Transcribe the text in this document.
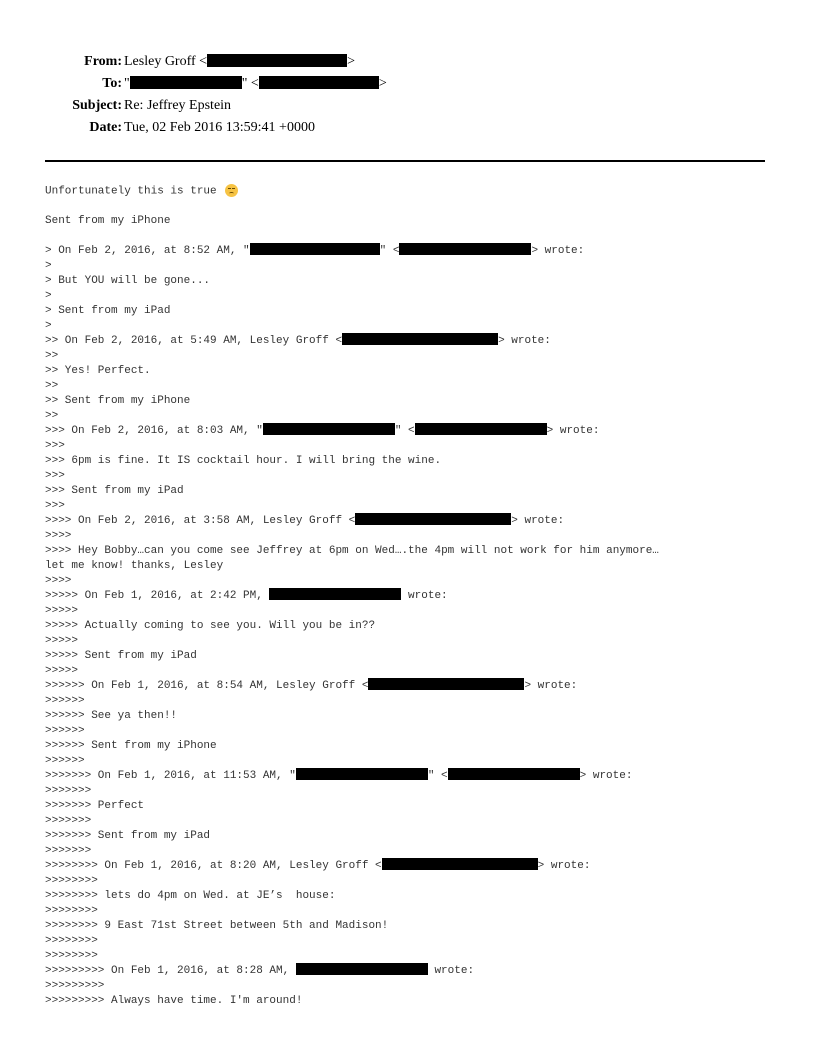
From: Lesley Groff <	>
To: "	" <	>
Subject: Re: Jeffrey Epstein
Date: Tue, 02 Feb 2016 13:59:41 +0000
Unfortunately this is true
Sent from my iPhone
> On Feb 2, 2016, at 8:52 AM, "	" <	> wrote:
>
> But YOU will be gone...
>
> Sent from my iPad
>
>> On Feb 2, 2016, at 5:49 AM, Lesley Groff <	> wrote:
>>
>> Yes! Perfect.
>>
>> Sent from my iPhone
>>
>>> On Feb 2, 2016, at 8:03 AM, "	" <	> wrote:
>>>
>>> 6pm is fine. It IS cocktail hour. I will bring the wine.
>>>
>>> Sent from my iPad
>>>
>>>> On Feb 2, 2016, at 3:58 AM, Lesley Groff <	> wrote:
>>>>
>>>> Hey Bobby…can you come see Jeffrey at 6pm on Wed….the 4pm will not work for him anymore…
let me know! thanks, Lesley
>>>>
>>>>> On Feb 1, 2016, at 2:42 PM,	wrote:
>>>>>
>>>>> Actually coming to see you. Will you be in??
>>>>>
>>>>> Sent from my iPad
>>>>>
>>>>>> On Feb 1, 2016, at 8:54 AM, Lesley Groff <	> wrote:
>>>>>>
>>>>>> See ya then!!
>>>>>>
>>>>>> Sent from my iPhone
>>>>>>
>>>>>>> On Feb 1, 2016, at 11:53 AM, "	" <	> wrote:
>>>>>>>
>>>>>>> Perfect
>>>>>>>
>>>>>>> Sent from my iPad
>>>>>>>
>>>>>>>> On Feb 1, 2016, at 8:20 AM, Lesley Groff <	> wrote:
>>>>>>>>
>>>>>>>> lets do 4pm on Wed. at JE’s  house:
>>>>>>>>
>>>>>>>> 9 East 71st Street between 5th and Madison!
>>>>>>>>
>>>>>>>>
>>>>>>>>> On Feb 1, 2016, at 8:28 AM,	wrote:
>>>>>>>>>
>>>>>>>>> Always have time. I'm around!
